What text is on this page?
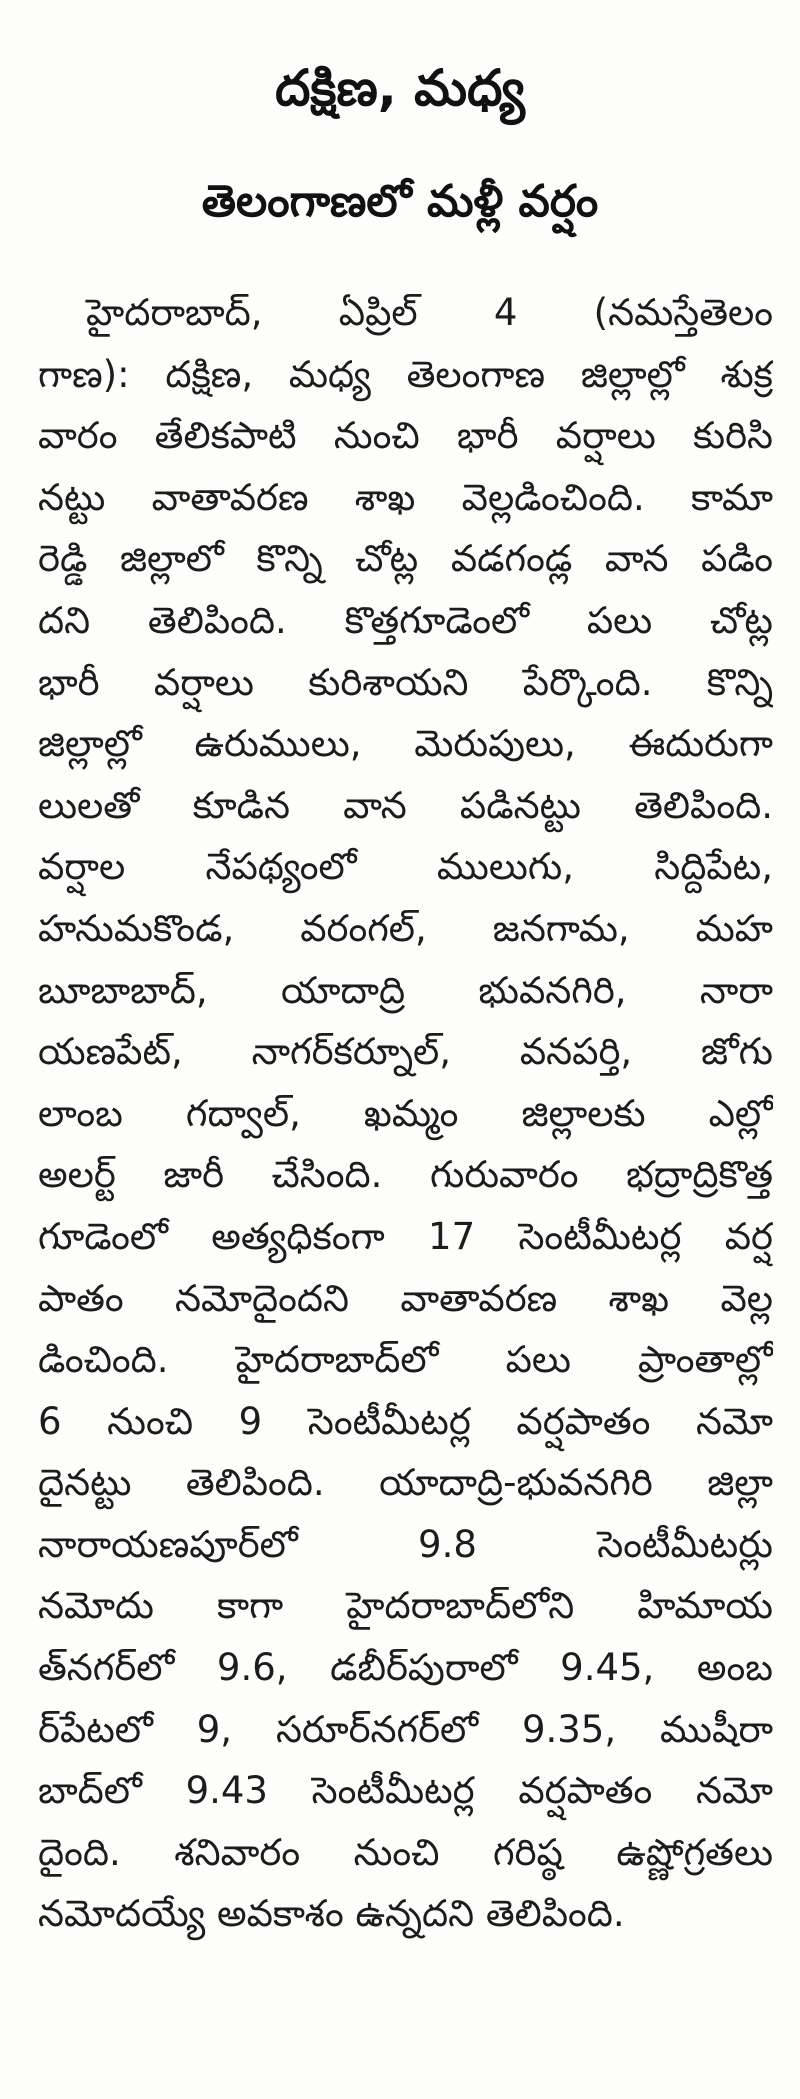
దక్షిణ, మధ్య
తెలంగాణలో మళ్లీ వర్షం
హైదరాబాద్, ఏప్రిల్ 4 (నమస్తేతెలం
గాణ): దక్షిణ, మధ్య తెలంగాణ జిల్లాల్లో శుక్ర
వారం తేలికపాటి నుంచి భారీ వర్షాలు కురిసి
నట్టు వాతావరణ శాఖ వెల్లడించింది. కామా
రెడ్డి జిల్లాలో కొన్ని చోట్ల వడగండ్ల వాన పడిం
దని తెలిపింది. కొత్తగూడెంలో పలు చోట్ల
భారీ వర్షాలు కురిశాయని పేర్కొంది. కొన్ని
జిల్లాల్లో ఉరుములు, మెరుపులు, ఈదురుగా
లులతో కూడిన వాన పడినట్టు తెలిపింది.
వర్షాల నేపథ్యంలో ములుగు, సిద్దిపేట,
హనుమకొండ, వరంగల్, జనగామ, మహ
బూబాబాద్, యాదాద్రి భువనగిరి, నారా
యణపేట్, నాగర్‌కర్నూల్, వనపర్తి, జోగు
లాంబ గద్వాల్, ఖమ్మం జిల్లాలకు ఎల్లో
అలర్ట్ జారీ చేసింది. గురువారం భద్రాద్రికొత్త
గూడెంలో అత్యధికంగా 17 సెంటీమీటర్ల వర్ష
పాతం నమోదైందని వాతావరణ శాఖ వెల్ల
డించింది. హైదరాబాద్‌లో పలు ప్రాంతాల్లో
6 నుంచి 9 సెంటీమీటర్ల వర్షపాతం నమో
దైనట్టు తెలిపింది. యాదాద్రి-భువనగిరి జిల్లా
నారాయణపూర్‌లో 9.8 సెంటీమీటర్లు
నమోదు కాగా హైదరాబాద్‌లోని హిమాయ
త్‌నగర్‌లో 9.6, డబీర్‌పురాలో 9.45, అంబ
ర్‌పేటలో 9, సరూర్‌నగర్‌లో 9.35, ముషీరా
బాద్‌లో 9.43 సెంటీమీటర్ల వర్షపాతం నమో
దైంది. శనివారం నుంచి గరిష్ఠ ఉష్ణోగ్రతలు
నమోదయ్యే అవకాశం ఉన్నదని తెలిపింది.
